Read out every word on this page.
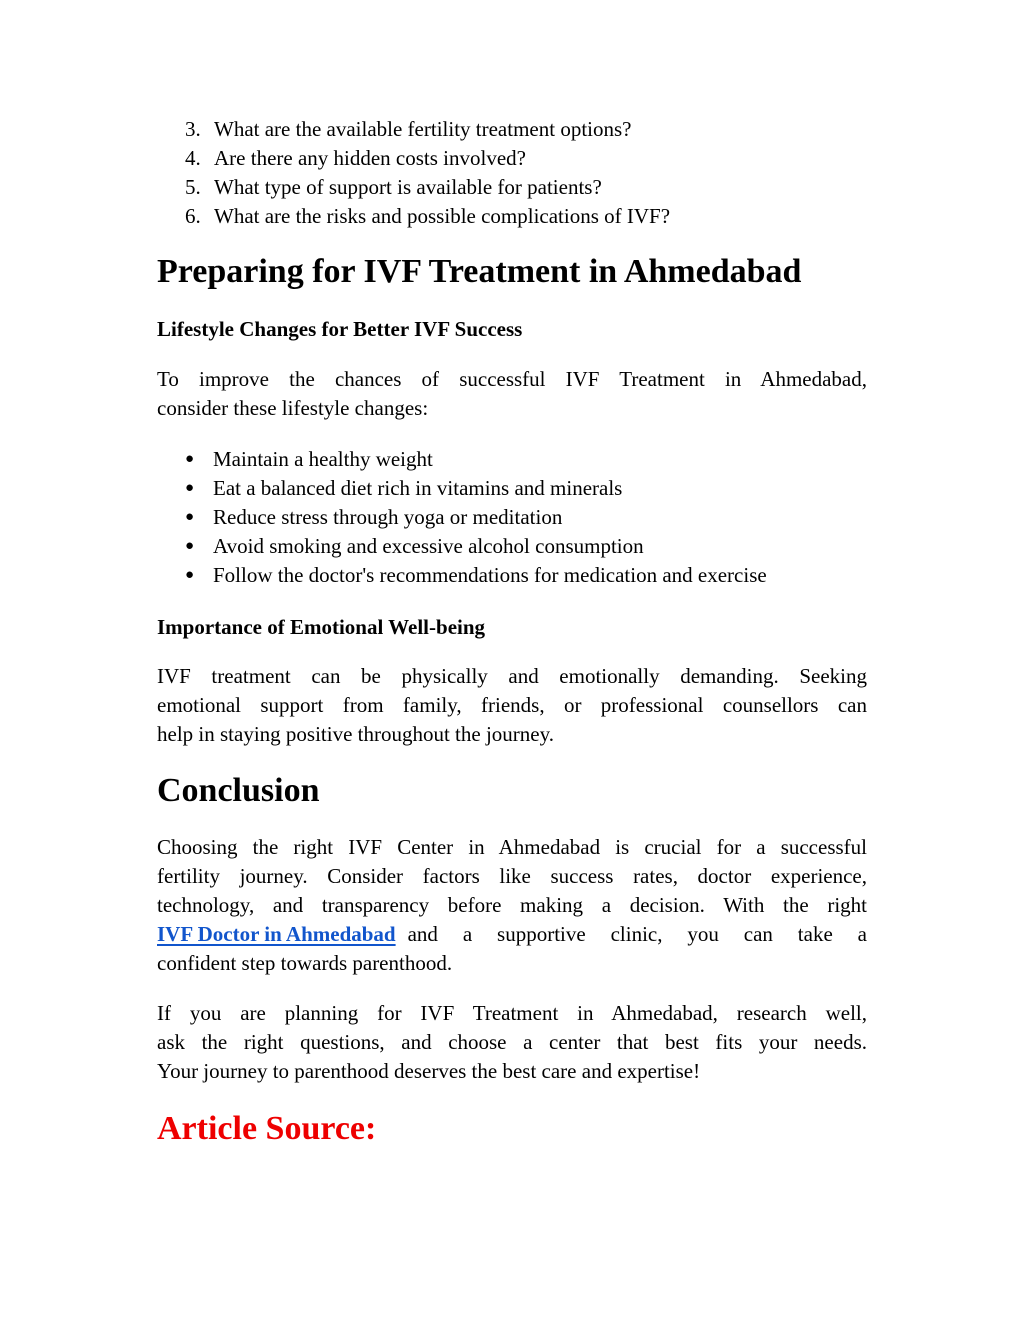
3. What are the available fertility treatment options?
4. Are there any hidden costs involved?
5. What type of support is available for patients?
6. What are the risks and possible complications of IVF?
Preparing for IVF Treatment in Ahmedabad
Lifestyle Changes for Better IVF Success
To improve the chances of successful IVF Treatment in Ahmedabad,
consider these lifestyle changes:
● Maintain a healthy weight
● Eat a balanced diet rich in vitamins and minerals
● Reduce stress through yoga or meditation
● Avoid smoking and excessive alcohol consumption
● Follow the doctor's recommendations for medication and exercise
Importance of Emotional Well-being
IVF treatment can be physically and emotionally demanding. Seeking
emotional support from family, friends, or professional counsellors can
help in staying positive throughout the journey.
Conclusion
Choosing the right IVF Center in Ahmedabad is crucial for a successful
fertility journey. Consider factors like success rates, doctor experience,
technology, and transparency before making a decision. With the right
IVF Doctor in Ahmedabad and a supportive clinic, you can take a
confident step towards parenthood.
If you are planning for IVF Treatment in Ahmedabad, research well,
ask the right questions, and choose a center that best fits your needs.
Your journey to parenthood deserves the best care and expertise!
Article Source:
